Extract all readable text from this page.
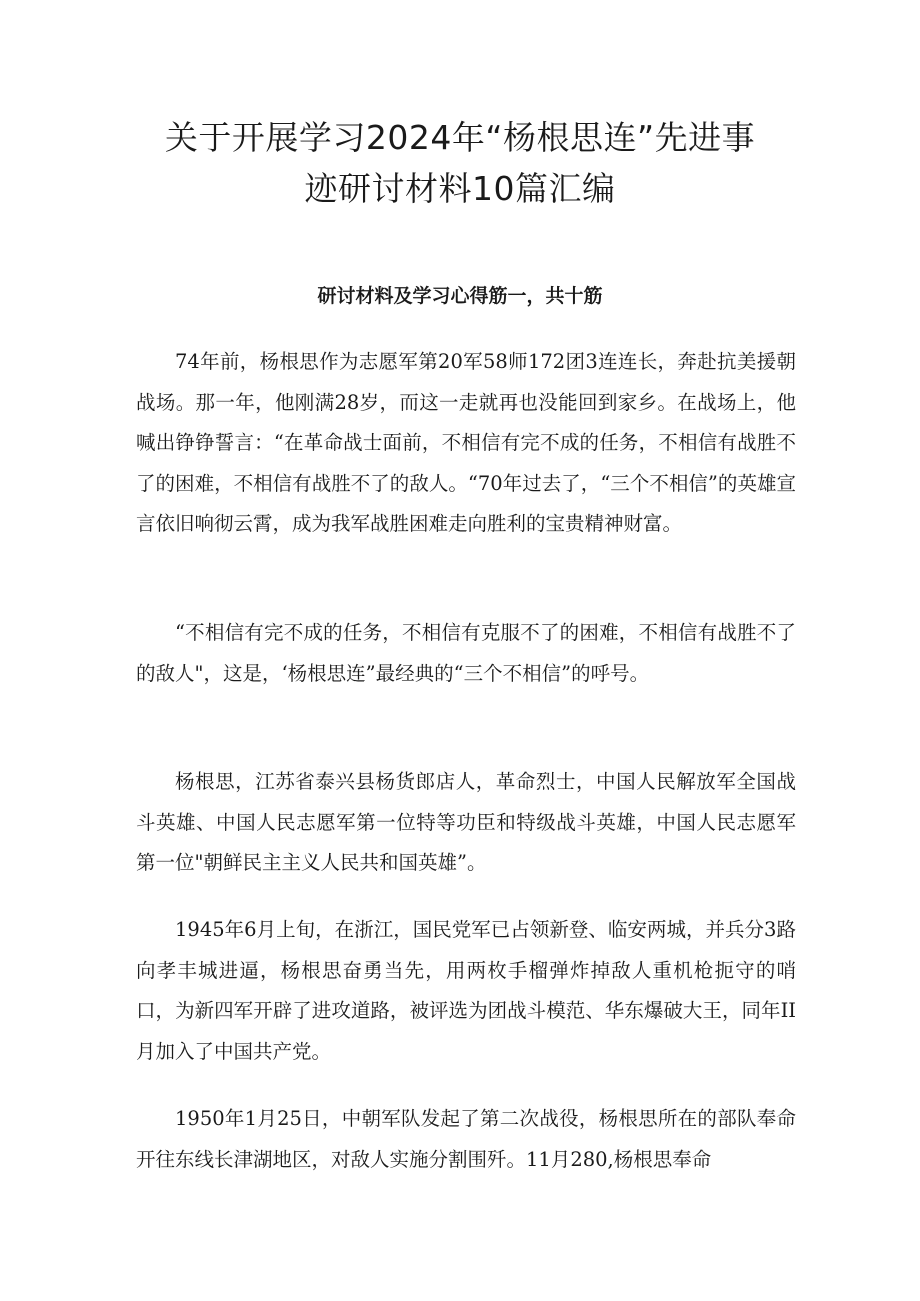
关于开展学习2024年“杨根思连”先进事
迹研讨材料10篇汇编

研讨材料及学习心得筋一，共十筋

74年前，杨根思作为志愿军第20军58师172团3连连长，奔赴抗美援朝战场。那一年，他刚满28岁，而这一走就再也没能回到家乡。在战场上，他喊出铮铮誓言：“在革命战士面前，不相信有完不成的任务，不相信有战胜不了的困难，不相信有战胜不了的敌人。“70年过去了，“三个不相信”的英雄宣言依旧响彻云霄，成为我军战胜困难走向胜利的宝贵精神财富。

“不相信有完不成的任务，不相信有克服不了的困难，不相信有战胜不了的敌人"，这是，‘杨根思连”最经典的“三个不相信”的呼号。

杨根思，江苏省泰兴县杨货郎店人，革命烈士，中国人民解放军全国战斗英雄、中国人民志愿军第一位特等功臣和特级战斗英雄，中国人民志愿军第一位"朝鲜民主主义人民共和国英雄”。

1945年6月上旬，在浙江，国民党军已占领新登、临安两城，并兵分3路向孝丰城进逼，杨根思奋勇当先，用两枚手榴弹炸掉敌人重机枪扼守的哨口，为新四军开辟了进攻道路，被评选为团战斗模范、华东爆破大王，同年II月加入了中国共产党。

1950年1月25日，中朝军队发起了第二次战役，杨根思所在的部队奉命开往东线长津湖地区，对敌人实施分割围歼。11月280,杨根思奉命
